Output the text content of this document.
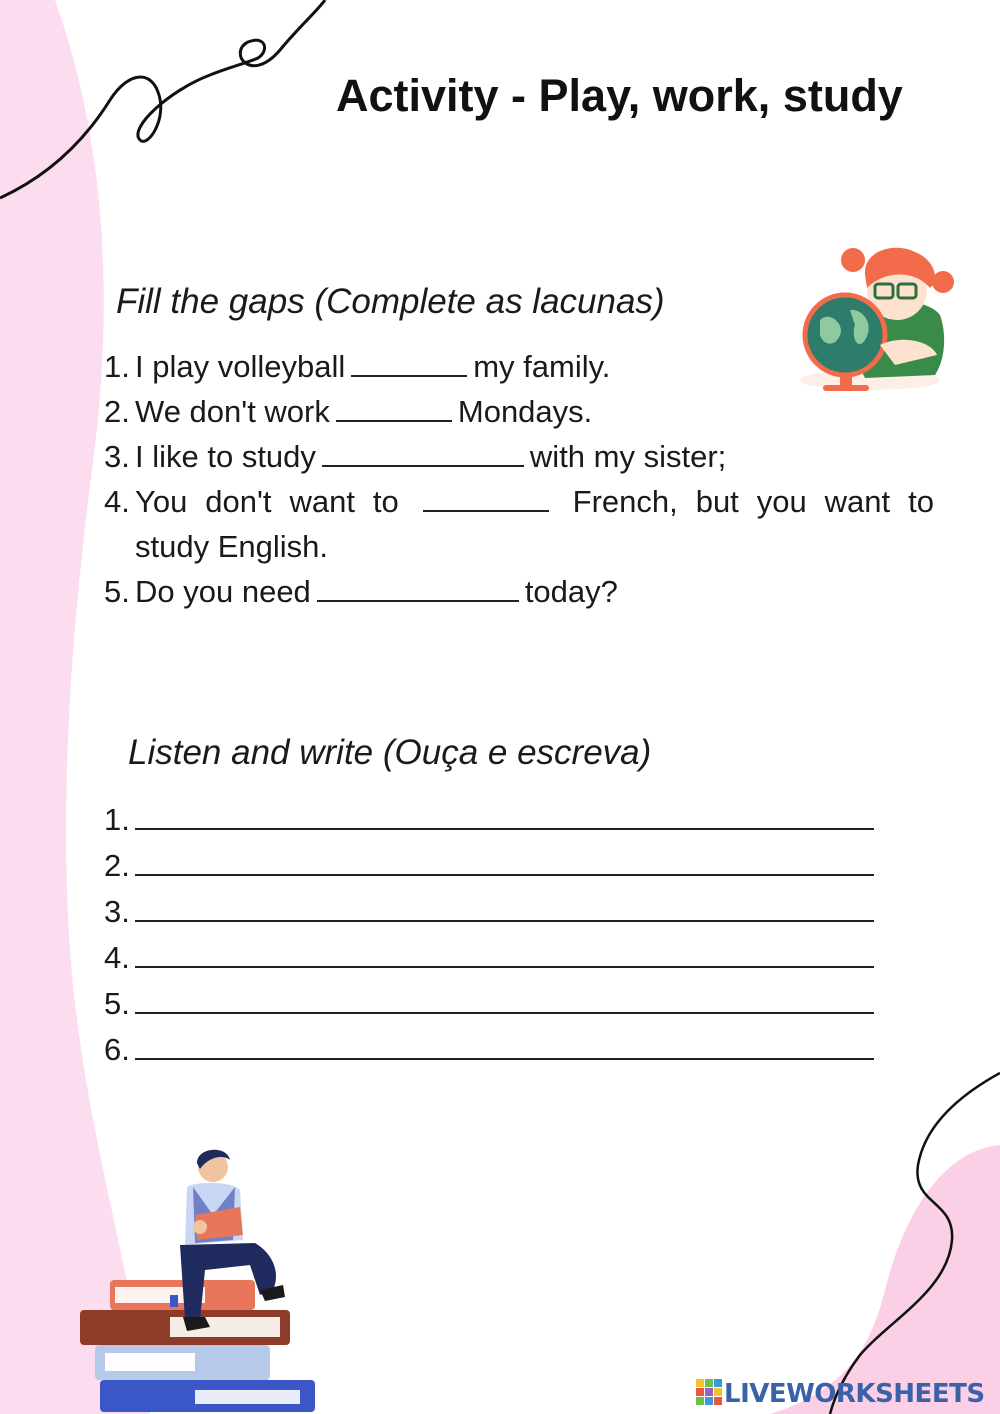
Activity - Play, work, study
Fill the gaps (Complete as lacunas)
1. I play volleyball	my family.
2. We don't work	Mondays.
3. I like to study	with my sister;
4. You don't want to	French, but you want to
study English.
5. Do you need	today?
Listen and write (Ouça e escreva)
1.
2.
3.
4.
5.
6.
LIVEWORKSHEETS
